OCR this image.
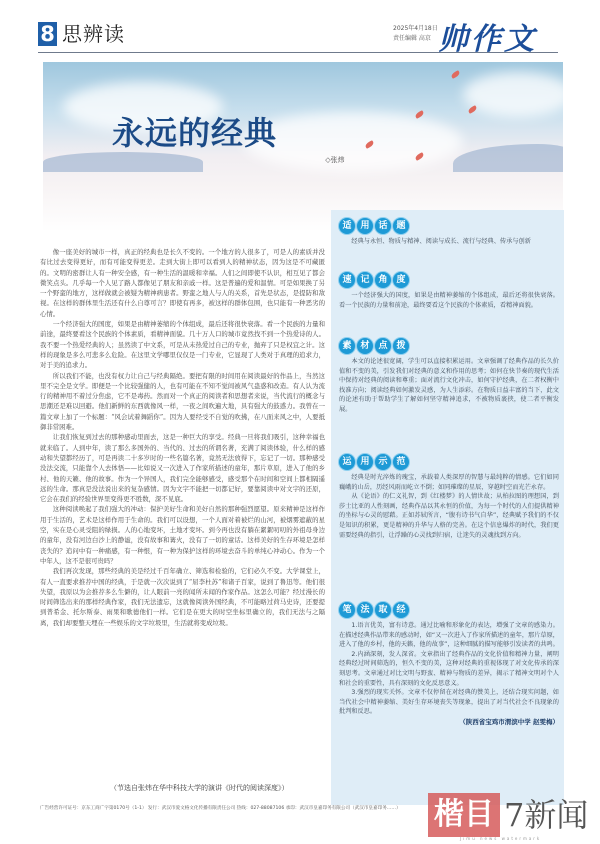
8 思辨读	2025年4月18日
责任编辑 高京 帅作文
永远的经典
◇张炜

像一座美好的城市一样，真正的经典也是长久不变的。一个地方的人很多了，可是人的素质并没有比过去变得更好，而有可能变得更差。走到大街上即可以看到人的精神状态，因为这是不可藏匿的。文明的密群让人有一种安全感，有一种生活的温暖和幸福。人们之间即使不认识，相互见了都会微笑点头。几乎每一个人见了路人都像见了朋友和亲戚一样。这是普遍的爱和温情。可是如果换了另一个野蛮的地方，这样做就会被疑为精神病患者。野蛮之地人与人的关系，首先是状态，是提防和敌视。在这样的群体里生活还有什么自尊可言？即使有再多，被这样的群体包围，也只能有一种恶劣的心情。

一个经济强大的国度，如果是由精神萎缩的个体组成，最后还将很快衰落。看一个民族的力量和前途，最终要看这个民族的个体素质，看精神面貌。几十万人口的城市竟然找不到一个热爱诗的人。我不要一个热爱经典的人；虽然读了中文系，可是从未热爱过自己的专业，抛弃了只是权宜之计。这样的现象是多么可悲多么危险。在这里文学哪里仅仅是一门专业，它显现了人类对于真理的追求力，对于美的追求力。

所以我们不能，也没有权力让自己与经典隔绝。要把有限的时间用在阅读最好的作品上，当然这里不完全是文学。即便是一个比较强健的人，也有可能在不知不觉间被风气蛊惑和改造。有人认为流行的精神用不着过分焦虑，它不是毒药。然而对一个真正的阅读者和思想者来说，当代流行的概念与思潮还是难以回避。他们新鲜的东西就像风一样，一夜之间吹遍大地，具有强大的鼓惑力。我曾在一篇文章上加了一个标题：“风会试着舞蹈你”。因为人要经受不自觉的吹拂，在八面来风之中，人要抵御非常困难。

让我们恢复到过去的那种感动里面去，这是一种巨大的享受。经典一旦将我们吸引，这种幸福也就来临了。人到中年，读了那么多国外的、当代的、过去的所谓名著，充满了阅读体验，什么样的感动和失望都经历了，可是再读二十多岁时的一些名篇名著，竟然无法放得下，忘记了一切。那种感受没法交流，只能靠个人去体悟——比如说又一次进入了作家所描述的童年，那片草原，进入了他的乡村、他的天籁、他的故事。作为一个异国人，我们完全能够感受，感受那个在时间和空间上都相隔遥远的生命。那真是没法说出来的复杂感情。因为文字不能把一切都记好，要靠阅读中对文字的还原，它会在我们的经验世界里变得更不胜数，深不见底。

这种阅读唤起了我们强大的冲动：保护美好生命和美好自然的那种强烈愿望。原来精神是这样作用于生活的，艺术是这样作用于生命的。我们可以设想，一个人面对着被烂的山河，被烟雾遮蔽的星空，实在是心灵受阻的绿损。人的心地变坏，土地才变坏。到今再也没有躺在絮絮叨叨的外祖母身边的童年，没有河边白沙上的静谧，没有故事和篝火，没有了一切的童话。这样美好的生存环境是怎样丧失的？追问中有一种痛感，有一种恨，有一种为保护这样的环境去奋斗的单纯心冲动心。作为一个中年人，这不是很可贵吗？

我们再次发现，那些经典的美是经过千百年确立、筛选和检验的，它们必久不变。大学课堂上，有人一直要求推荐中国的经典，于是就一次次说到了“屈李杜苏”和诸子百家，说到了鲁迅等。他们很失望，我原以为会推荐多么生僻的，让人眼前一亮的闻所未闻的作家作品。这怎么可能？经过漫长的时间筛选出来的那样经典作家，我们无法遗忘，这就像阅读外国经典，不可能略过荷马史诗，还要提到普希金、托尔斯泰、雨果和歌德他们一样。它们是在更大的时空坐标里确立的，我们无法与之隔离，我们却要整天埋在一些娱乐的文字垃圾里，生活就将变成垃圾。

（节选自张炜在华中科技大学的演讲《时代的阅读深度》）
适 用 话 题

经典与永恒、物质与精神、阅读与成长、流行与经典、传承与创新

速 记 角 度

一个经济强大的国度，如果是由精神萎缩的个体组成，最后还将很快衰落。看一个民族的力量和前途，最终要看这个民族的个体素质，看精神面貌。

素 材 点 拨

本文的论述很宽阔，学生可以直接积累运用。文章强调了经典作品的长久价值和不变的美，引发我们对经典的意义和作用的思考；如何在快节奏的现代生活中保持对经典的阅读和尊重；面对流行文化冲击，如何守护经典，在二者权衡中找准方向；阅读经典如何激发灵感，为人生添彩。在物质日益丰富的当下，此文的论述有助于帮助学生了解如何坚守精神追求，不被物质裹挟，使二者平衡发展。

运 用 示 范

经典是时光淬炼的瑰宝，承载着人类深厚的智慧与最纯粹的情感。它们如同巍峨的山岳，历经风雨而屹立不倒；如同璀璨的星辰，穿越时空而光芒永存。

从《论语》的仁义礼智，到《红楼梦》的人情世故；从柏拉图的理想国，到莎士比亚的人性刻画，经典作品以其永恒的价值，为每一个时代的人们提供精神的坐标与心灵的慰藉。正如苏轼所言，“腹有诗书气自华”，经典赋予我们的不仅是知识的积累，更是精神的升华与人格的完善。在这个信息爆炸的时代，我们更需要经典的指引，让浮躁的心灵找到归宿，让迷失的灵魂找到方向。

笔 法 取 经

1.语言优美，富有诗意。通过比喻和形象化的表达，增强了文章的感染力。在描述经典作品带来的感动时，如“又一次进入了作家所描述的童年，那片草原，进入了他的乡村，他的天籁，他的故事”，这种细腻的描写能够引发读者的共鸣。

2.内涵深刻，发人深省。文章指出了经典作品的文化价值和精神力量，阐明经典经过时间筛选的，恒久不变的美，这种对经典的重视体现了对文化传承的深刻思考。文章通过对比文明与野蛮、精神与物质的差异，揭示了精神文明对个人和社会的重要性，具有深刻的文化反思意义。

3.强烈的现实关怀。文章不仅停留在对经典的赞美上，还结合现实问题，如当代社会中精神萎缩、美好生存环境丧失等现象，提出了对当代社会不良现象的批判和反思。

（陕西省宝鸡市渭滨中学 赵雯梅）
广告经营许可证号：京东工商广字第0170号（1-1） 发行：武汉市爱文格文化传播有限责任公司 热线：027-88087106 承印：武汉市皇嘉印务有限公司（武汉市皇嘉印务……）	楷目 7新闻
Jimu news watermark
